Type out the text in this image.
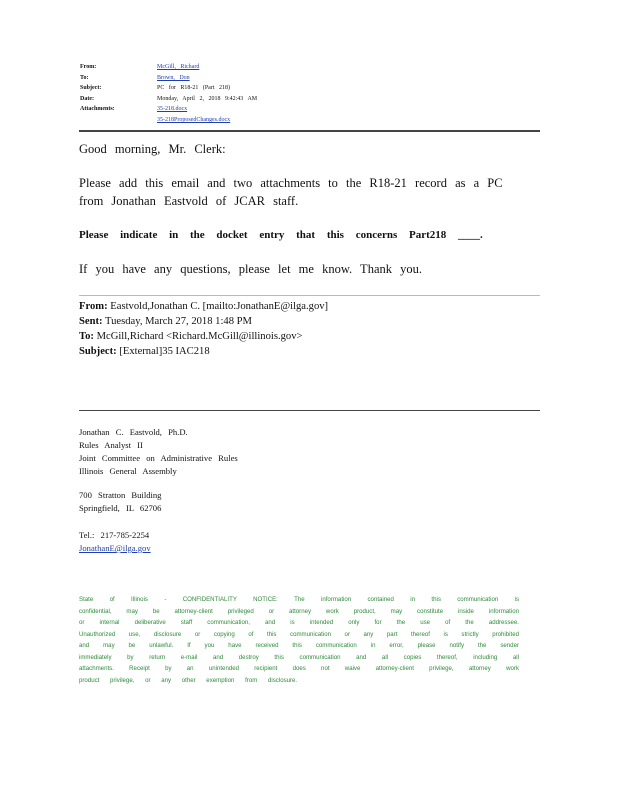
From:	McGill, Richard
To:	Brown, Don
Subject:	PC for R18-21 (Part 218)
Date:	Monday, April 2, 2018 9:42:43 AM
Attachments:	35-218.docx
35-218ProposedChanges.docx
Good morning, Mr. Clerk:
Please add this email and two attachments to the R18-21 record as a PC
from Jonathan Eastvold of JCAR staff.
Please indicate in the docket entry that this concerns Part218 ____.
If you have any questions, please let me know. Thank you.
From: Eastvold,Jonathan C. [mailto:JonathanE@ilga.gov]
Sent: Tuesday, March 27, 2018 1:48 PM
To: McGill,Richard <Richard.McGill@illinois.gov>
Subject: [External]35 IAC218
Jonathan C. Eastvold, Ph.D.
Rules Analyst II
Joint Committee on Administrative Rules
Illinois General Assembly
700 Stratton Building
Springfield, IL 62706
Tel.: 217-785-2254
JonathanE@ilga.gov
State of Illinois - CONFIDENTIALITY NOTICE: The information contained in this communication is
confidential, may be attorney-client privileged or attorney work product, may constitute inside information
or internal deliberative staff communication, and is intended only for the use of the addressee.
Unauthorized use, disclosure or copying of this communication or any part thereof is strictly prohibited
and may be unlawful. If you have received this communication in error, please notify the sender
immediately by return e-mail and destroy this communication and all copies thereof, including all
attachments. Receipt by an unintended recipient does not waive attorney-client privilege, attorney work
product privilege, or any other exemption from disclosure.
